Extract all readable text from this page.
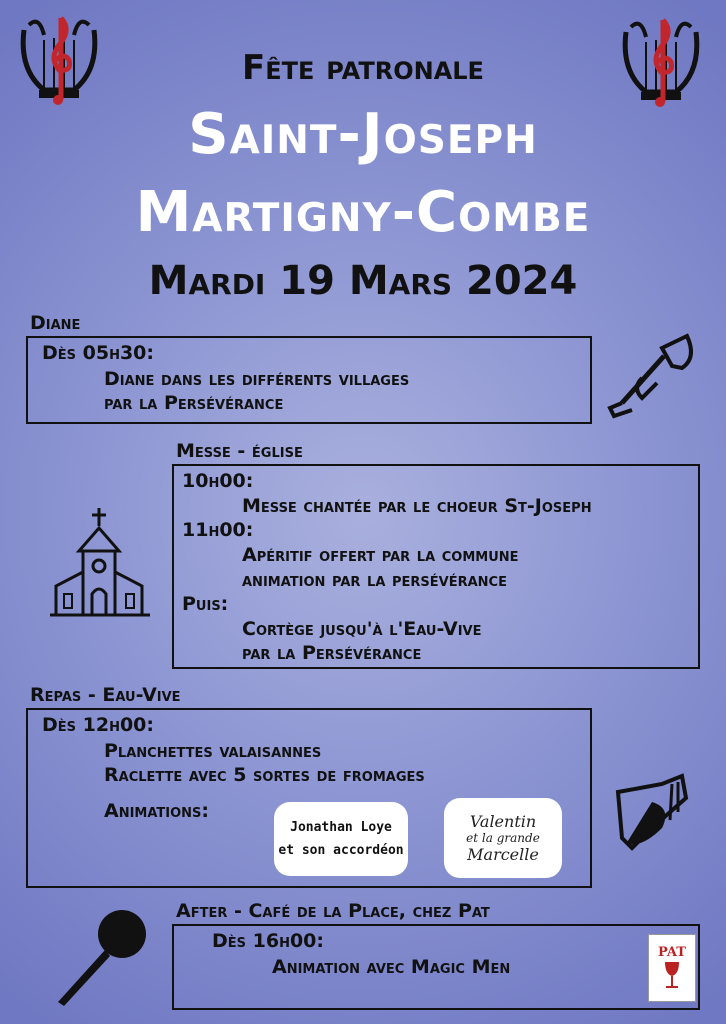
Fête patronale
Saint-Joseph
Martigny-Combe
Mardi 19 Mars 2024
Diane
Dès 05h30:
Diane dans les différents villages
par la Persévérance
Messe - église
10h00:
Messe chantée par le choeur St-Joseph
11h00:
Apéritif offert par la commune
animation par la persévérance
Puis:
Cortège jusqu'à l'Eau-Vive
par la Persévérance
Repas - Eau-Vive
Dès 12h00:
Planchettes valaisannes
Raclette avec 5 sortes de fromages
Animations:
Jonathan Loye
et son accordéon
Valentin
et la grande
Marcelle
After - Café de la Place, chez Pat
Dès 16h00:
Animation avec Magic Men
PAT
